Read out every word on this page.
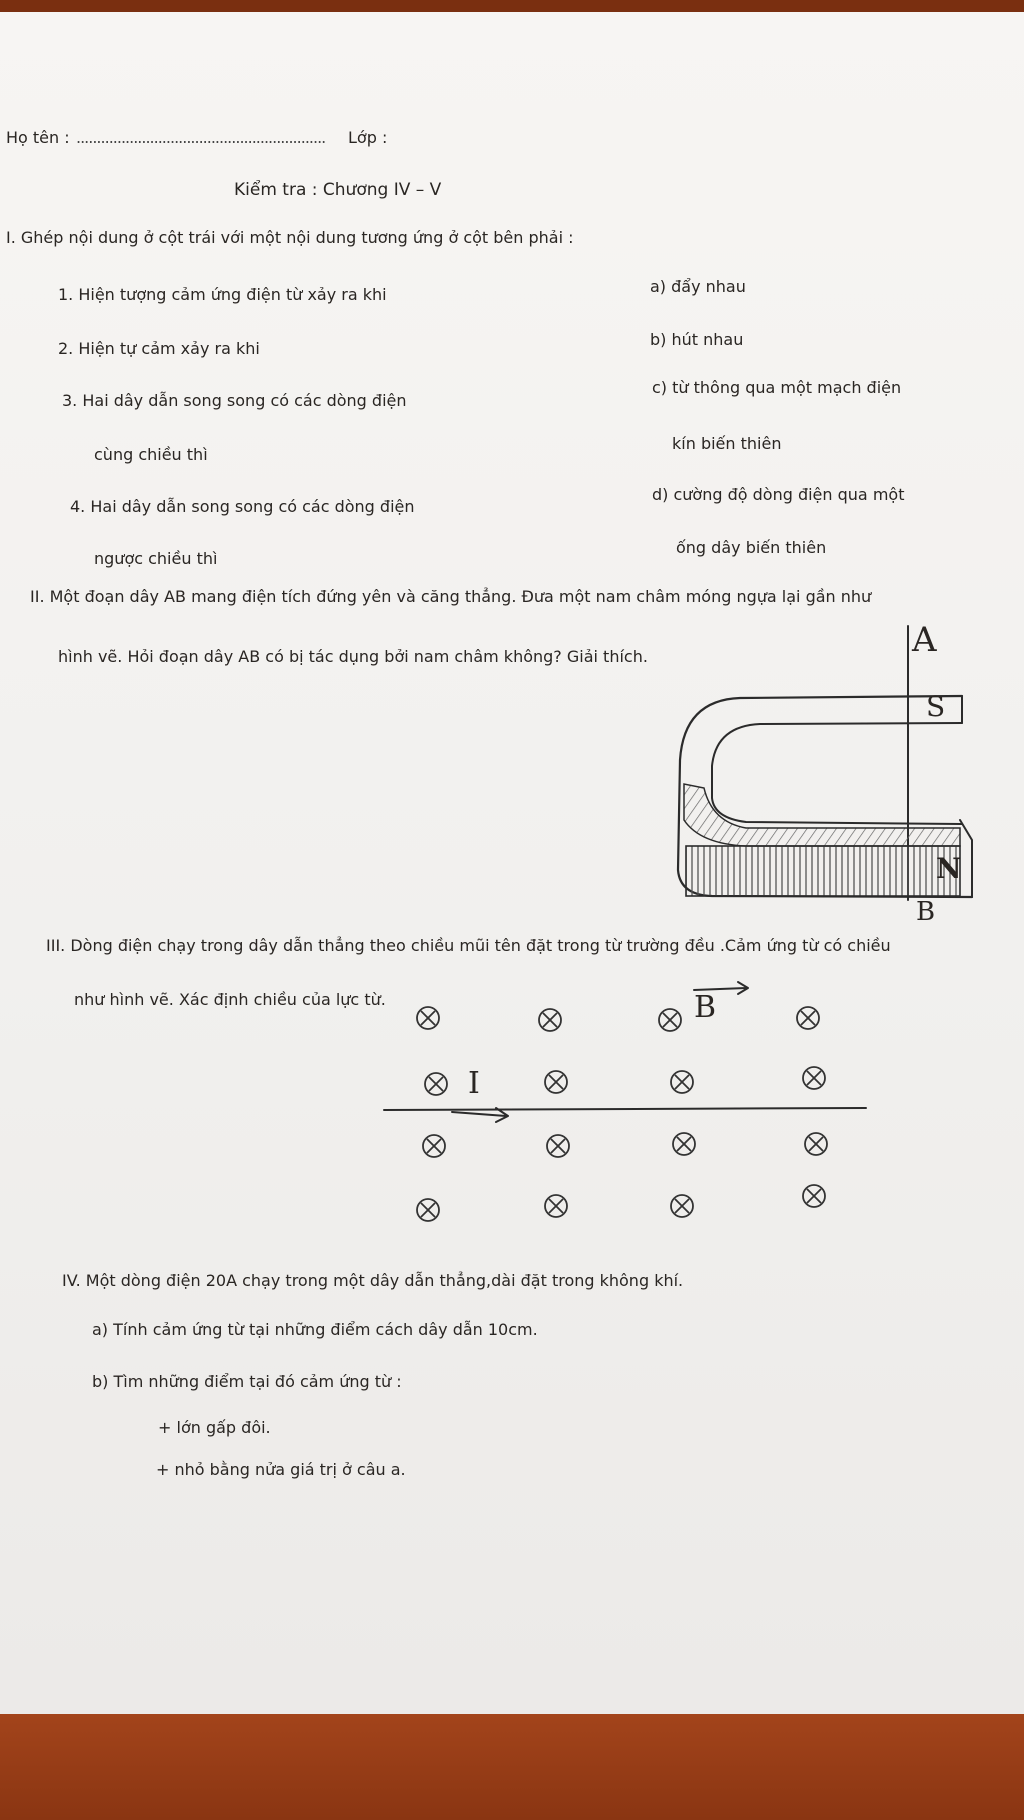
Họ tên : ............................................................. Lớp :

Kiểm tra : Chương IV – V

I. Ghép nội dung ở cột trái với một nội dung tương ứng ở cột bên phải :

1. Hiện tượng cảm ứng điện từ xảy ra khi

2. Hiện tự cảm xảy ra khi

3. Hai dây dẫn song song có các dòng điện

cùng chiều thì

4. Hai dây dẫn song song có các dòng điện

ngược chiều thì

a) đẩy nhau

b) hút nhau

c) từ thông qua một mạch điện

kín biến thiên

d) cường độ dòng điện qua một

ống dây biến thiên

II. Một đoạn dây AB mang điện tích đứng yên và căng thẳng. Đưa một nam châm móng ngựa lại gần như

hình vẽ. Hỏi đoạn dây AB có bị tác dụng bởi nam châm không? Giải thích.

III. Dòng điện chạy trong dây dẫn thẳng theo chiều mũi tên đặt trong từ trường đều .Cảm ứng từ có chiều

như hình vẽ. Xác định chiều của lực từ.

IV. Một dòng điện 20A chạy trong một dây dẫn thẳng,dài đặt trong không khí.

a) Tính cảm ứng từ tại những điểm cách dây dẫn 10cm.

b) Tìm những điểm tại đó cảm ứng từ :

+ lớn gấp đôi.

+ nhỏ bằng nửa giá trị ở câu a.

A

S

N

B

B

I
